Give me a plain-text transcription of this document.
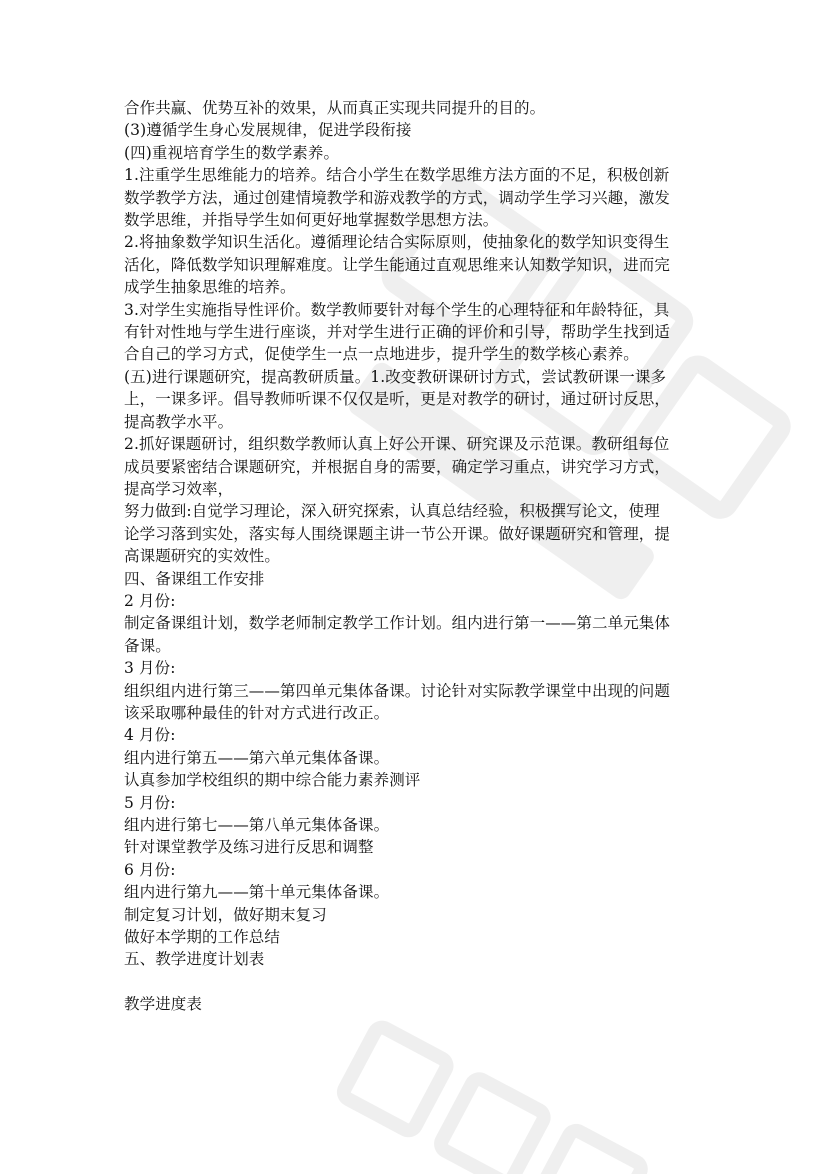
合作共赢、优势互补的效果，从而真正实现共同提升的目的。
(3)遵循学生身心发展规律，促进学段衔接
(四)重视培育学生的数学素养。
1.注重学生思维能力的培养。结合小学生在数学思维方法方面的不足，积极创新
数学教学方法，通过创建情境教学和游戏教学的方式，调动学生学习兴趣，激发
数学思维，并指导学生如何更好地掌握数学思想方法。
2.将抽象数学知识生活化。遵循理论结合实际原则，使抽象化的数学知识变得生
活化，降低数学知识理解难度。让学生能通过直观思维来认知数学知识，进而完
成学生抽象思维的培养。
3.对学生实施指导性评价。数学教师要针对每个学生的心理特征和年龄特征，具
有针对性地与学生进行座谈，并对学生进行正确的评价和引导，帮助学生找到适
合自己的学习方式，促使学生一点一点地进步，提升学生的数学核心素养。
(五)进行课题研究，提高教研质量。1.改变教研课研讨方式，尝试教研课一课多
上，一课多评。倡导教师听课不仅仅是听，更是对教学的研讨，通过研讨反思，
提高教学水平。
2.抓好课题研讨，组织数学教师认真上好公开课、研究课及示范课。教研组每位
成员要紧密结合课题研究，并根据自身的需要，确定学习重点，讲究学习方式，
提高学习效率，
努力做到:自觉学习理论，深入研究探索，认真总结经验，积极撰写论文，使理
论学习落到实处，落实每人围绕课题主讲一节公开课。做好课题研究和管理，提
高课题研究的实效性。
四、备课组工作安排
2 月份:
制定备课组计划，数学老师制定教学工作计划。组内进行第一——第二单元集体
备课。
3 月份:
组织组内进行第三——第四单元集体备课。讨论针对实际教学课堂中出现的问题
该采取哪种最佳的针对方式进行改正。
4 月份:
组内进行第五——第六单元集体备课。
认真参加学校组织的期中综合能力素养测评
5 月份:
组内进行第七——第八单元集体备课。
针对课堂教学及练习进行反思和调整
6 月份:
组内进行第九——第十单元集体备课。
制定复习计划，做好期末复习
做好本学期的工作总结
五、教学进度计划表
教学进度表
